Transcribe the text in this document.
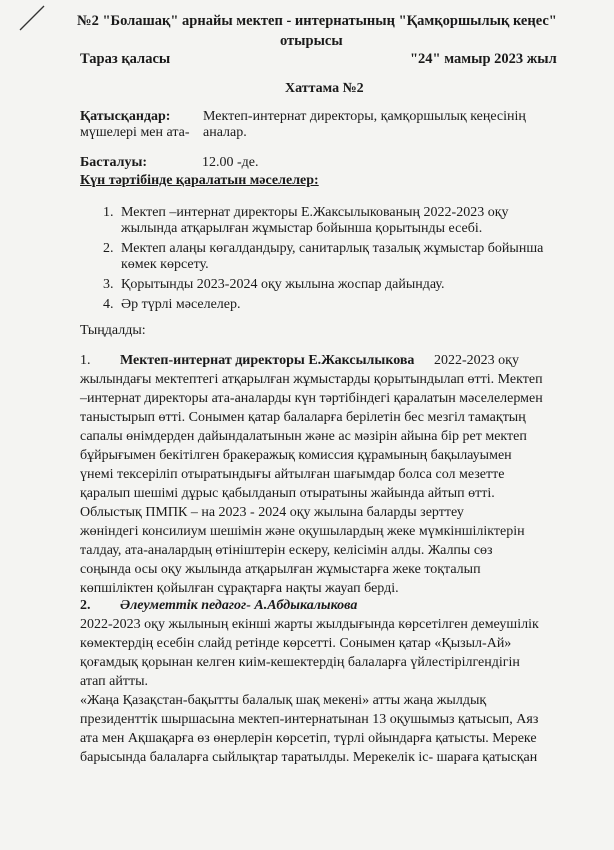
№2 "Болашақ" арнайы мектеп - интернатының "Қамқоршылық кеңес"
отырысы
Тараз қаласы	"24" мамыр 2023 жыл
Хаттама №2
Қатысқандар: Мектеп-интернат директоры, қамқоршылық кеңесінің
мүшелері мен ата- аналар.
Басталуы:	12.00 -де.
Күн тәртібінде қаралатын мәселелер:
1. Мектеп –интернат директоры Е.Жаксылыкованың 2022-2023 оқу
жылында атқарылған жұмыстар бойынша қорытынды есебі.
2. Мектеп алаңы көгалдандыру, санитарлық тазалық жұмыстар бойынша
көмек көрсету.
3. Қорытынды 2023-2024 оқу жылына жоспар дайындау.
4. Әр түрлі мәселелер.
Тыңдалды:
1. Мектеп-интернат директоры Е.Жаксылыкова 2022-2023 оқу
жылындағы мектептегі атқарылған жұмыстарды қорытындылап өтті. Мектеп
–интернат директоры ата-аналарды күн тәртібіндегі қаралатын мәселелермен
таныстырып өтті. Сонымен қатар балаларға берілетін бес мезгіл тамақтың
сапалы өнімдерден дайындалатынын және ас мәзірін айына бір рет мектеп
бұйрығымен бекітілген бракеражық комиссия құрамының бақылауымен
үнемі тексеріліп отыратындығы айтылған шағымдар болса сол мезетте
қаралып шешімі дұрыс қабылданып отыратыны жайында айтып өтті.
Облыстық ПМПК – на 2023 - 2024 оқу жылына баларды зерттеу
жөніндегі консилиум шешімін және оқушылардың жеке мүмкіншіліктерін
талдау, ата-аналардың өтініштерін ескеру, келісімін алды. Жалпы сөз
соңында осы оқу жылында атқарылған жұмыстарға жеке тоқталып
көпшіліктен қойылған сұрақтарға нақты жауап берді.
2. Әлеуметтік педагог- А.Абдыкалыкова
2022-2023 оқу жылының екінші жарты жылдығында көрсетілген демеушілік
көмектердің есебін слайд ретінде көрсетті. Сонымен қатар «Қызыл-Ай»
қоғамдық қорынан келген киім-кешектердің балаларға үйлестірілгендігін
атап айтты.
«Жаңа Қазақстан-бақытты балалық шақ мекені» атты жаңа жылдық
президенттік шыршасына мектеп-интернатынан 13 оқушымыз қатысып, Аяз
ата мен Ақшақарға өз өнерлерін көрсетіп, түрлі ойындарға қатысты. Мереке
барысында балаларға сыйлықтар таратылды. Мерекелік іс- шараға қатысқан
